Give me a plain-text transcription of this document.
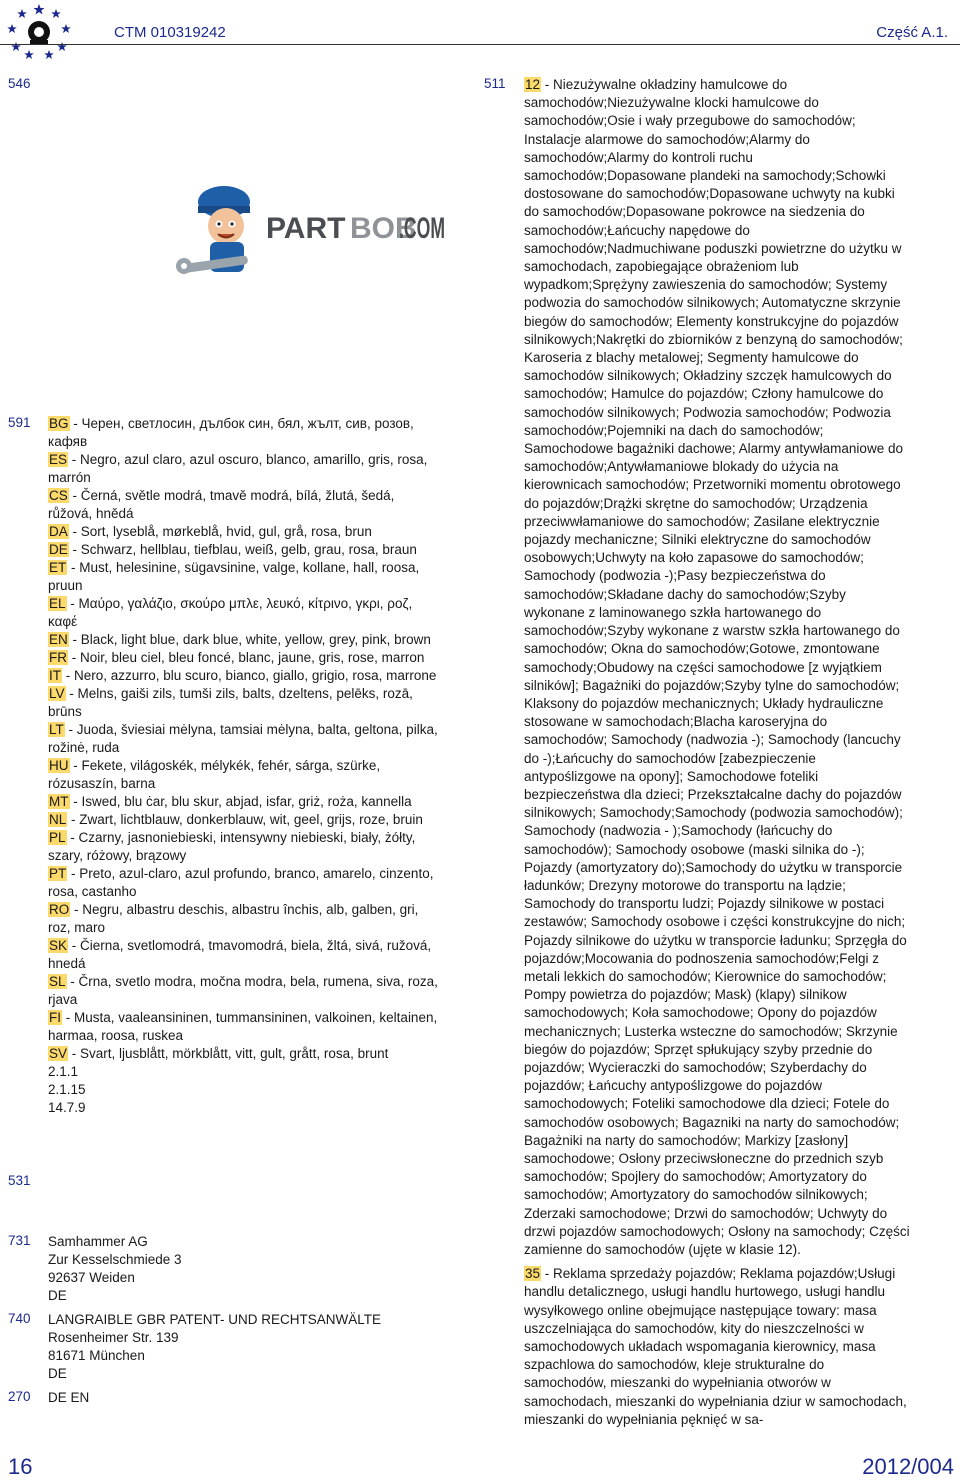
CTM 010319242	Część A.1.
PART BOB
.COM
546
591
531
731
740
270

BG - Черен, светлосин, дълбок син, бял, жълт, сив, розов, кафяв

ES - Negro, azul claro, azul oscuro, blanco, amarillo, gris, rosa, marrón

CS - Černá, světle modrá, tmavě modrá, bílá, žlutá, šedá, růžová, hnědá

DA - Sort, lyseblå, mørkeblå, hvid, gul, grå, rosa, brun

DE - Schwarz, hellblau, tiefblau, weiß, gelb, grau, rosa, braun

ET - Must, helesinine, sügavsinine, valge, kollane, hall, roosa, pruun

EL - Μαύρο, γαλάζιο, σκούρο μπλε, λευκό, κίτρινο, γκρι, ροζ, καφέ

EN - Black, light blue, dark blue, white, yellow, grey, pink, brown

FR - Noir, bleu ciel, bleu foncé, blanc, jaune, gris, rose, marron

IT - Nero, azzurro, blu scuro, bianco, giallo, grigio, rosa, marrone

LV - Melns, gaiši zils, tumši zils, balts, dzeltens, pelēks, rozā, brūns

LT - Juoda, šviesiai mėlyna, tamsiai mėlyna, balta, geltona, pilka, rožinė, ruda

HU - Fekete, világoskék, mélykék, fehér, sárga, szürke, rózusaszín, barna

MT - Iswed, blu ċar, blu skur, abjad, isfar, griż, roża, kannella

NL - Zwart, lichtblauw, donkerblauw, wit, geel, grijs, roze, bruin

PL - Czarny, jasnoniebieski, intensywny niebieski, biały, żółty, szary, różowy, brązowy

PT - Preto, azul-claro, azul profundo, branco, amarelo, cinzento, rosa, castanho

RO - Negru, albastru deschis, albastru închis, alb, galben, gri, roz, maro

SK - Čierna, svetlomodrá, tmavomodrá, biela, žltá, sivá, ružová, hnedá

SL - Črna, svetlo modra, močna modra, bela, rumena, siva, roza, rjava

FI - Musta, vaaleansininen, tummansininen, valkoinen, keltainen, harmaa, roosa, ruskea

SV - Svart, ljusblått, mörkblått, vitt, gult, grått, rosa, brunt

2.1.1

2.1.15

14.7.9

Samhammer AG

Zur Kesselschmiede 3

92637 Weiden

DE

LANGRAIBLE GBR PATENT- UND RECHTSANWÄLTE

Rosenheimer Str. 139

81671 München

DE

DE EN

511 12 - Niezużywalne okładziny hamulcowe do samochodów;Niezużywalne klocki hamulcowe do samochodów;Osie i wały przegubowe do samochodów; Instalacje alarmowe do samochodów;Alarmy do samochodów;Alarmy do kontroli ruchu samochodów;Dopasowane plandeki na samochody;Schowki dostosowane do samochodów;Dopasowane uchwyty na kubki do samochodów;Dopasowane pokrowce na siedzenia do samochodów;Łańcuchy napędowe do samochodów;Nadmuchiwane poduszki powietrzne do użytku w samochodach, zapobiegające obrażeniom lub wypadkom;Sprężyny zawieszenia do samochodów; Systemy podwozia do samochodów silnikowych; Automatyczne skrzynie biegów do samochodów; Elementy konstrukcyjne do pojazdów silnikowych;Nakrętki do zbiorników z benzyną do samochodów; Karoseria z blachy metalowej; Segmenty hamulcowe do samochodów silnikowych; Okładziny szczęk hamulcowych do samochodów; Hamulce do pojazdów; Człony hamulcowe do samochodów silnikowych; Podwozia samochodów; Podwozia samochodów;Pojemniki na dach do samochodów; Samochodowe bagażniki dachowe; Alarmy antywłamaniowe do samochodów;Antywłamaniowe blokady do użycia na kierownicach samochodów; Przetworniki momentu obrotowego do pojazdów;Drążki skrętne do samochodów; Urządzenia przeciwwłamaniowe do samochodów; Zasilane elektrycznie pojazdy mechaniczne; Silniki elektryczne do samochodów osobowych;Uchwyty na koło zapasowe do samochodów; Samochody (podwozia -);Pasy bezpieczeństwa do samochodów;Składane dachy do samochodów;Szyby wykonane z laminowanego szkła hartowanego do samochodów;Szyby wykonane z warstw szkła hartowanego do samochodów; Okna do samochodów;Gotowe, zmontowane samochody;Obudowy na części samochodowe [z wyjątkiem silników]; Bagażniki do pojazdów;Szyby tylne do samochodów; Klaksony do pojazdów mechanicznych; Układy hydrauliczne stosowane w samochodach;Blacha karoseryjna do samochodów; Samochody (nadwozia -); Samochody (lancuchy do -);Łańcuchy do samochodów [zabezpieczenie antypoślizgowe na opony]; Samochodowe foteliki bezpieczeństwa dla dzieci; Przekształcalne dachy do pojazdów silnikowych; Samochody;Samochody (podwozia samochodów); Samochody (nadwozia - );Samochody (łańcuchy do samochodów); Samochody osobowe (maski silnika do -); Pojazdy (amortyzatory do);Samochody do użytku w transporcie ładunków; Drezyny motorowe do transportu na lądzie; Samochody do transportu ludzi; Pojazdy silnikowe w postaci zestawów; Samochody osobowe i części konstrukcyjne do nich; Pojazdy silnikowe do użytku w transporcie ładunku; Sprzęgła do pojazdów;Mocowania do podnoszenia samochodów;Felgi z metali lekkich do samochodów; Kierownice do samochodów; Pompy powietrza do pojazdów; Mask) (klapy) silnikow samochodowych; Koła samochodowe; Opony do pojazdów mechanicznych; Lusterka wsteczne do samochodów; Skrzynie biegów do pojazdów; Sprzęt spłukujący szyby przednie do pojazdów; Wycieraczki do samochodów; Szyberdachy do pojazdów; Łańcuchy antypoślizgowe do pojazdów samochodowych; Foteliki samochodowe dla dzieci; Fotele do samochodów osobowych; Bagazniki na narty do samochodów; Bagażniki na narty do samochodów; Markizy [zasłony] samochodowe; Osłony przeciwsłoneczne do przednich szyb samochodów; Spojlery do samochodów; Amortyzatory do samochodów; Amortyzatory do samochodów silnikowych; Zderzaki samochodowe; Drzwi do samochodów; Uchwyty do drzwi pojazdów samochodowych; Osłony na samochody; Części zamienne do samochodów (ujęte w klasie 12).

35 - Reklama sprzedaży pojazdów; Reklama pojazdów;Usługi handlu detalicznego, usługi handlu hurtowego, usługi handlu wysyłkowego online obejmujące następujące towary: masa uszczelniająca do samochodów, kity do nieszczelności w samochodowych układach wspomagania kierownicy, masa szpachlowa do samochodów, kleje strukturalne do samochodów, mieszanki do wypełniania otworów w samochodach, mieszanki do wypełniania dziur w samochodach, mieszanki do wypełniania pęknięć w sa-

16	2012/004
